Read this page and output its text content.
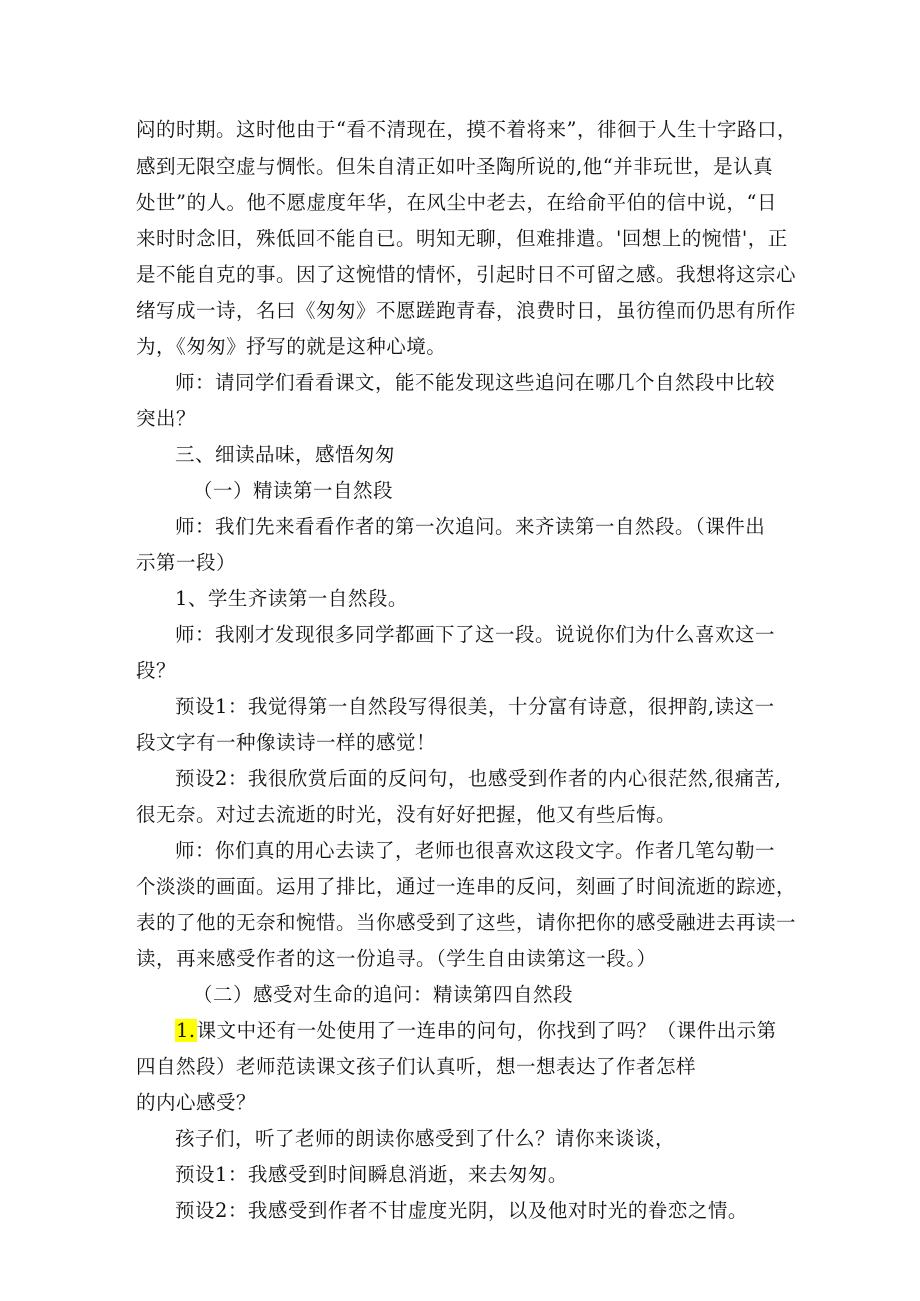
闷的时期。这时他由于“看不清现在，摸不着将来”，徘徊于人生十字路口，
感到无限空虚与惆怅。但朱自清正如叶圣陶所说的,他“并非玩世，是认真
处世”的人。他不愿虚度年华，在风尘中老去，在给俞平伯的信中说，“日
来时时念旧，殊低回不能自已。明知无聊，但难排遣。'回想上的惋惜'，正
是不能自克的事。因了这惋惜的情怀，引起时日不可留之感。我想将这宗心
绪写成一诗，名曰《匆匆》不愿蹉跑青春，浪费时日，虽彷徨而仍思有所作
为，《匆匆》抒写的就是这种心境。
师：请同学们看看课文，能不能发现这些追问在哪几个自然段中比较
突出？
三、细读品味，感悟匆匆
（一）精读第一自然段
师：我们先来看看作者的第一次追问。来齐读第一自然段。（课件出
示第一段）
1、学生齐读第一自然段。
师：我刚才发现很多同学都画下了这一段。说说你们为什么喜欢这一
段？
预设1：我觉得第一自然段写得很美，十分富有诗意，很押韵,读这一
段文字有一种像读诗一样的感觉！
预设2：我很欣赏后面的反问句，也感受到作者的内心很茫然,很痛苦,
很无奈。对过去流逝的时光，没有好好把握，他又有些后悔。
师：你们真的用心去读了，老师也很喜欢这段文字。作者几笔勾勒一
个淡淡的画面。运用了排比，通过一连串的反问，刻画了时间流逝的踪迹，
表的了他的无奈和惋惜。当你感受到了这些，请你把你的感受融进去再读一
读，再来感受作者的这一份追寻。（学生自由读第这一段。）
（二）感受对生命的追问：精读第四自然段
1.课文中还有一处使用了一连串的问句，你找到了吗？（课件出示第
四自然段）老师范读课文孩子们认真听，想一想表达了作者怎样
的内心感受？
孩子们，听了老师的朗读你感受到了什么？请你来谈谈，
预设1：我感受到时间瞬息消逝，来去匆匆。
预设2：我感受到作者不甘虚度光阴，以及他对时光的眷恋之情。
